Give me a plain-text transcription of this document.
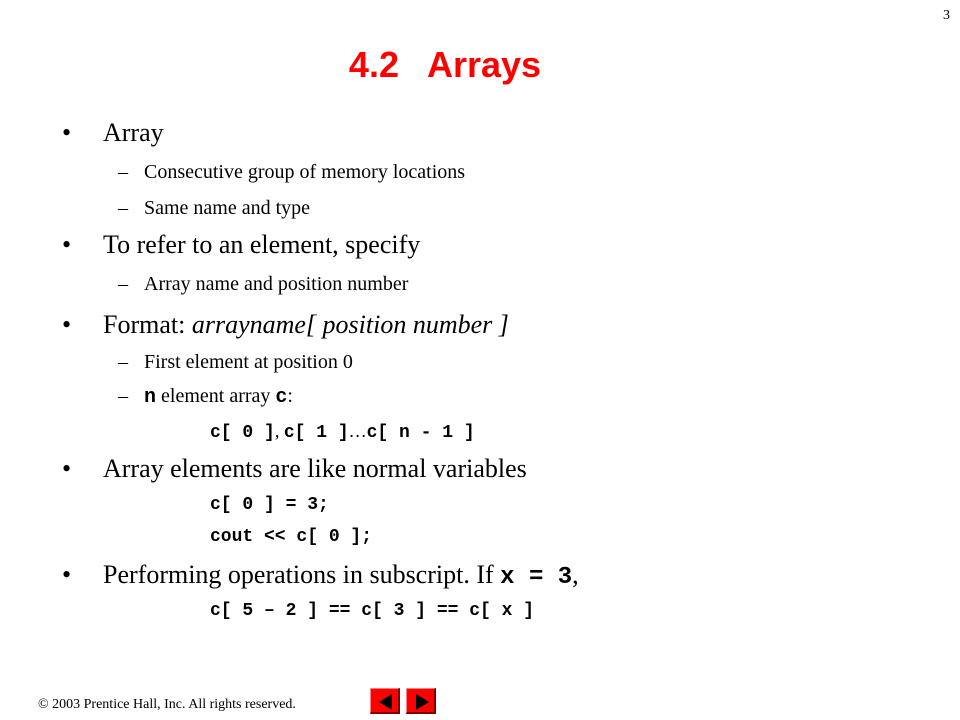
3
4.2 Arrays
• Array
– Consecutive group of memory locations
– Same name and type
• To refer to an element, specify
– Array name and position number
• Format: arrayname[ position number ]
– First element at position 0
– n element array c:
c[ 0 ], c[ 1 ]…c[ n - 1 ]
• Array elements are like normal variables
c[ 0 ] = 3;
cout << c[ 0 ];
• Performing operations in subscript. If x = 3,
c[ 5 – 2 ] == c[ 3 ] == c[ x ]
© 2003 Prentice Hall, Inc. All rights reserved.
